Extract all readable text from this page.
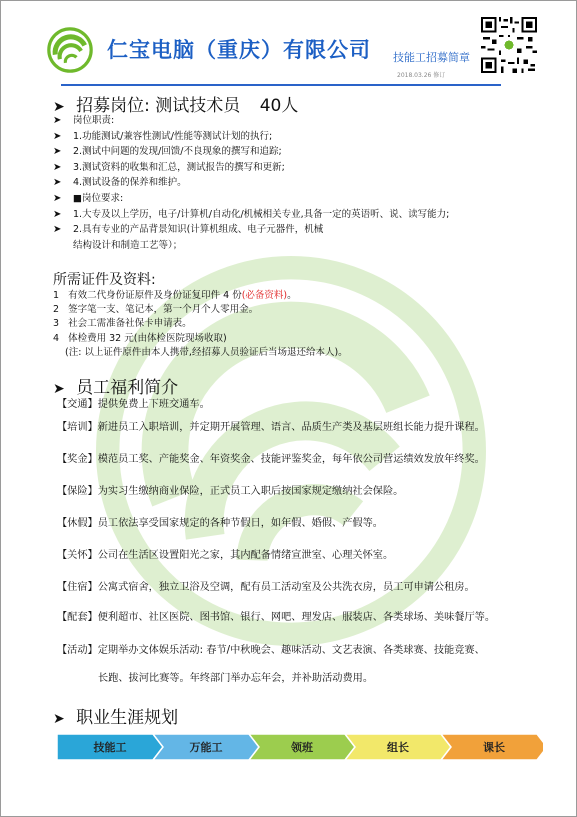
仁宝电脑（重庆）有限公司 技能工招募简章
2018.03.26 修订
➤ 招募岗位: 测试技术员 40人
➤ 岗位职责:
➤ 1.功能测试/兼容性测试/性能等测试计划的执行;
➤ 2.测试中问题的发现/回馈/不良现象的撰写和追踪;
➤ 3.测试资料的收集和汇总，测试报告的撰写和更新;
➤ 4.测试设备的保养和维护。
➤ ■岗位要求:
➤ 1.大专及以上学历，电子/计算机/自动化/机械相关专业,具备一定的英语听、说、读写能力;
➤ 2.具有专业的产品背景知识(计算机组成、电子元器件，机械
结构设计和制造工艺等）；
所需证件及资料:
1 有效二代身份证原件及身份证复印件 4 份(必备资料)。
2 签字笔一支、笔记本，第一个月个人零用金。
3 社会工需准备社保卡申请表。
4 体检费用 32 元(由体检医院现场收取)
(注: 以上证件原件由本人携带,经招募人员验证后当场退还给本人)。
➤ 员工福利简介
【交通】提供免费上下班交通车。
【培训】新进员工入职培训，并定期开展管理、语言、品质生产类及基层班组长能力提升课程。
【奖金】模范员工奖、产能奖金、年资奖金、技能评鉴奖金，每年依公司营运绩效发放年终奖。
【保险】为实习生缴纳商业保险，正式员工入职后按国家规定缴纳社会保险。
【休假】员工依法享受国家规定的各种节假日，如年假、婚假、产假等。
【关怀】公司在生活区设置阳光之家，其内配备情绪宣泄室、心理关怀室。
【住宿】公寓式宿舍，独立卫浴及空调，配有员工活动室及公共洗衣房，员工可申请公租房。
【配套】便利超市、社区医院、图书馆、银行、网吧、理发店、服装店、各类球场、美味餐厅等。
【活动】定期举办文体娱乐活动: 春节/中秋晚会、趣味活动、文艺表演、各类球赛、技能竞赛、
长跑、拔河比赛等。年终部门举办忘年会，并补助活动费用。
➤ 职业生涯规划
技能工	万能工	领班	组长	课长
